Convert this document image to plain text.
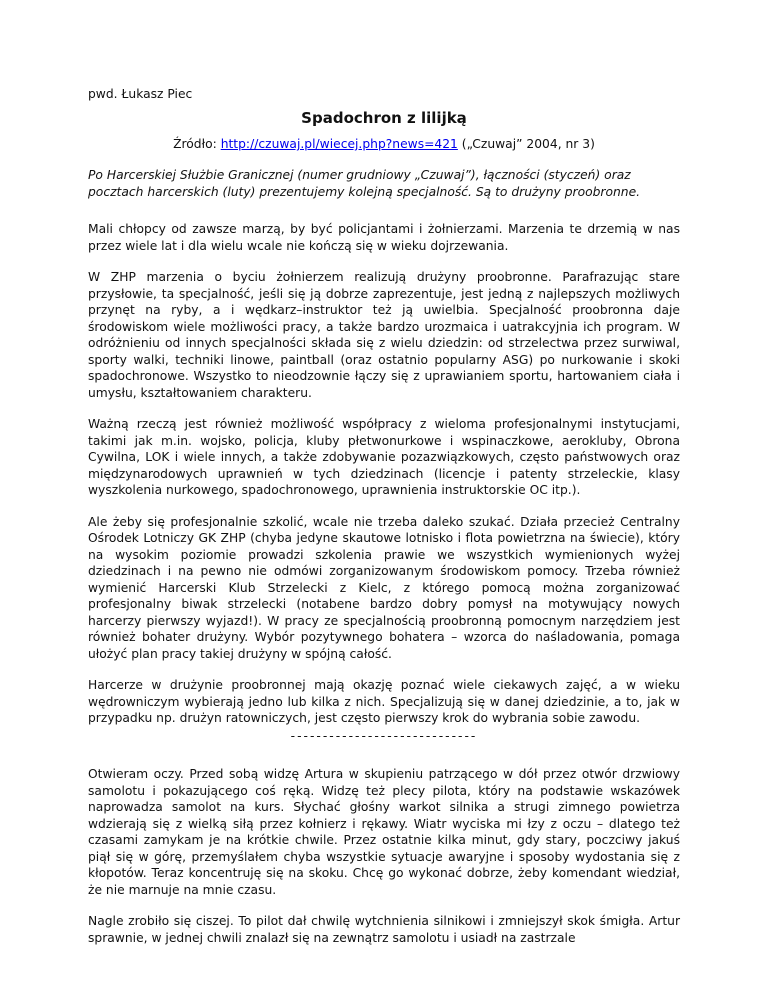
pwd. Łukasz Piec

Spadochron z lilijką

Źródło: http://czuwaj.pl/wiecej.php?news=421 („Czuwaj” 2004, nr 3)

Po Harcerskiej Służbie Granicznej (numer grudniowy „Czuwaj”), łączności (styczeń) oraz pocztach harcerskich (luty) prezentujemy kolejną specjalność. Są to drużyny proobronne.

Mali chłopcy od zawsze marzą, by być policjantami i żołnierzami. Marzenia te drzemią w nas przez wiele lat i dla wielu wcale nie kończą się w wieku dojrzewania.

W ZHP marzenia o byciu żołnierzem realizują drużyny proobronne. Parafrazując stare przysłowie, ta specjalność, jeśli się ją dobrze zaprezentuje, jest jedną z najlepszych możliwych przynęt na ryby, a i wędkarz–instruktor też ją uwielbia. Specjalność proobronna daje środowiskom wiele możliwości pracy, a także bardzo urozmaica i uatrakcyjnia ich program. W odróżnieniu od innych specjalności składa się z wielu dziedzin: od strzelectwa przez surwiwal, sporty walki, techniki linowe, paintball (oraz ostatnio popularny ASG) po nurkowanie i skoki spadochronowe. Wszystko to nieodzownie łączy się z uprawianiem sportu, hartowaniem ciała i umysłu, kształtowaniem charakteru.

Ważną rzeczą jest również możliwość współpracy z wieloma profesjonalnymi instytucjami, takimi jak m.in. wojsko, policja, kluby płetwonurkowe i wspinaczkowe, aerokluby, Obrona Cywilna, LOK i wiele innych, a także zdobywanie pozazwiązkowych, często państwowych oraz międzynarodowych uprawnień w tych dziedzinach (licencje i patenty strzeleckie, klasy wyszkolenia nurkowego, spadochronowego, uprawnienia instruktorskie OC itp.).

Ale żeby się profesjonalnie szkolić, wcale nie trzeba daleko szukać. Działa przecież Centralny Ośrodek Lotniczy GK ZHP (chyba jedyne skautowe lotnisko i flota powietrzna na świecie), który na wysokim poziomie prowadzi szkolenia prawie we wszystkich wymienionych wyżej dziedzinach i na pewno nie odmówi zorganizowanym środowiskom pomocy. Trzeba również wymienić Harcerski Klub Strzelecki z Kielc, z którego pomocą można zorganizować profesjonalny biwak strzelecki (notabene bardzo dobry pomysł na motywujący nowych harcerzy pierwszy wyjazd!). W pracy ze specjalnością proobronną pomocnym narzędziem jest również bohater drużyny. Wybór pozytywnego bohatera – wzorca do naśladowania, pomaga ułożyć plan pracy takiej drużyny w spójną całość.

Harcerze w drużynie proobronnej mają okazję poznać wiele ciekawych zajęć, a w wieku wędrowniczym wybierają jedno lub kilka z nich. Specjalizują się w danej dziedzinie, a to, jak w przypadku np. drużyn ratowniczych, jest często pierwszy krok do wybrania sobie zawodu.

-----------------------------

Otwieram oczy. Przed sobą widzę Artura w skupieniu patrzącego w dół przez otwór drzwiowy samolotu i pokazującego coś ręką. Widzę też plecy pilota, który na podstawie wskazówek naprowadza samolot na kurs. Słychać głośny warkot silnika a strugi zimnego powietrza wdzierają się z wielką siłą przez kołnierz i rękawy. Wiatr wyciska mi łzy z oczu – dlatego też czasami zamykam je na krótkie chwile. Przez ostatnie kilka minut, gdy stary, poczciwy jakuś piął się w górę, przemyślałem chyba wszystkie sytuacje awaryjne i sposoby wydostania się z kłopotów. Teraz koncentruję się na skoku. Chcę go wykonać dobrze, żeby komendant wiedział, że nie marnuje na mnie czasu.

Nagle zrobiło się ciszej. To pilot dał chwilę wytchnienia silnikowi i zmniejszył skok śmigła. Artur sprawnie, w jednej chwili znalazł się na zewnątrz samolotu i usiadł na zastrzale
